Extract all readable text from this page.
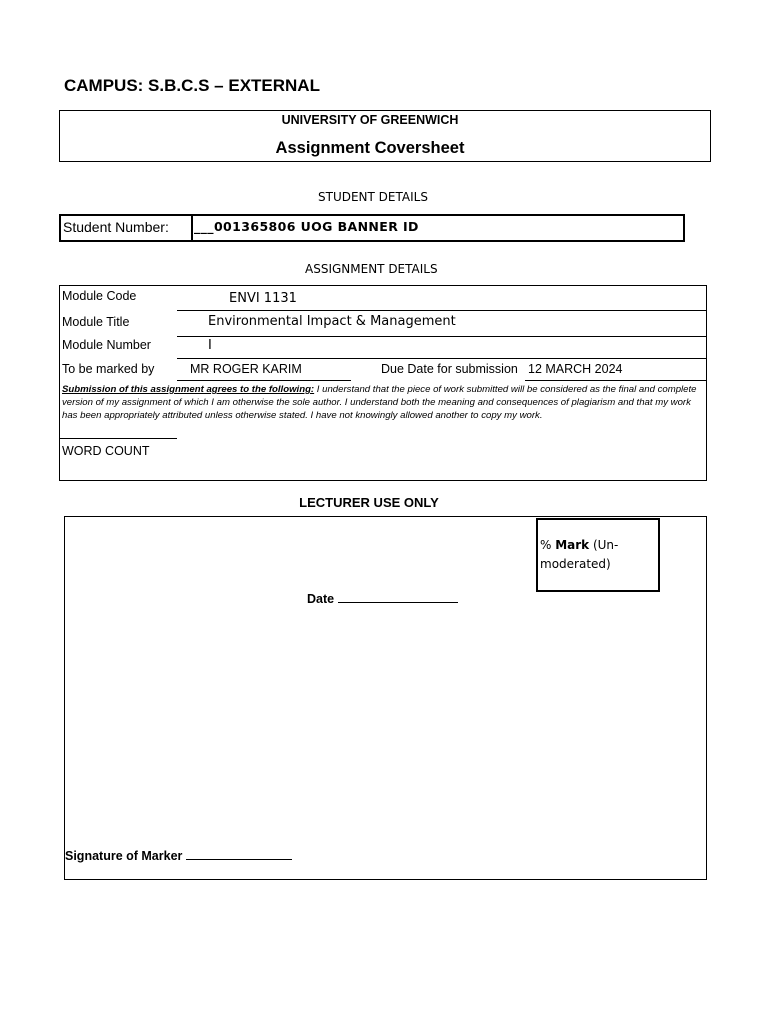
CAMPUS: S.B.C.S – EXTERNAL
UNIVERSITY OF GREENWICH
Assignment Coversheet
STUDENT DETAILS
Student Number: ___001365806 UOG BANNER ID
ASSIGNMENT DETAILS
Module Code	ENVI 1131
Module Title	Environmental Impact & Management
Module Number	I
To be marked by	MR ROGER KARIM	Due Date for submission 12 MARCH 2024
Submission of this assignment agrees to the following: I understand that the piece of work submitted will be considered as the final and complete version of my assignment of which I am otherwise the sole author. I understand both the meaning and consequences of plagiarism and that my work has been appropriately attributed unless otherwise stated. I have not knowingly allowed another to copy my work.
WORD COUNT
LECTURER USE ONLY
% Mark (Un-moderated)
Date
Signature of Marker
